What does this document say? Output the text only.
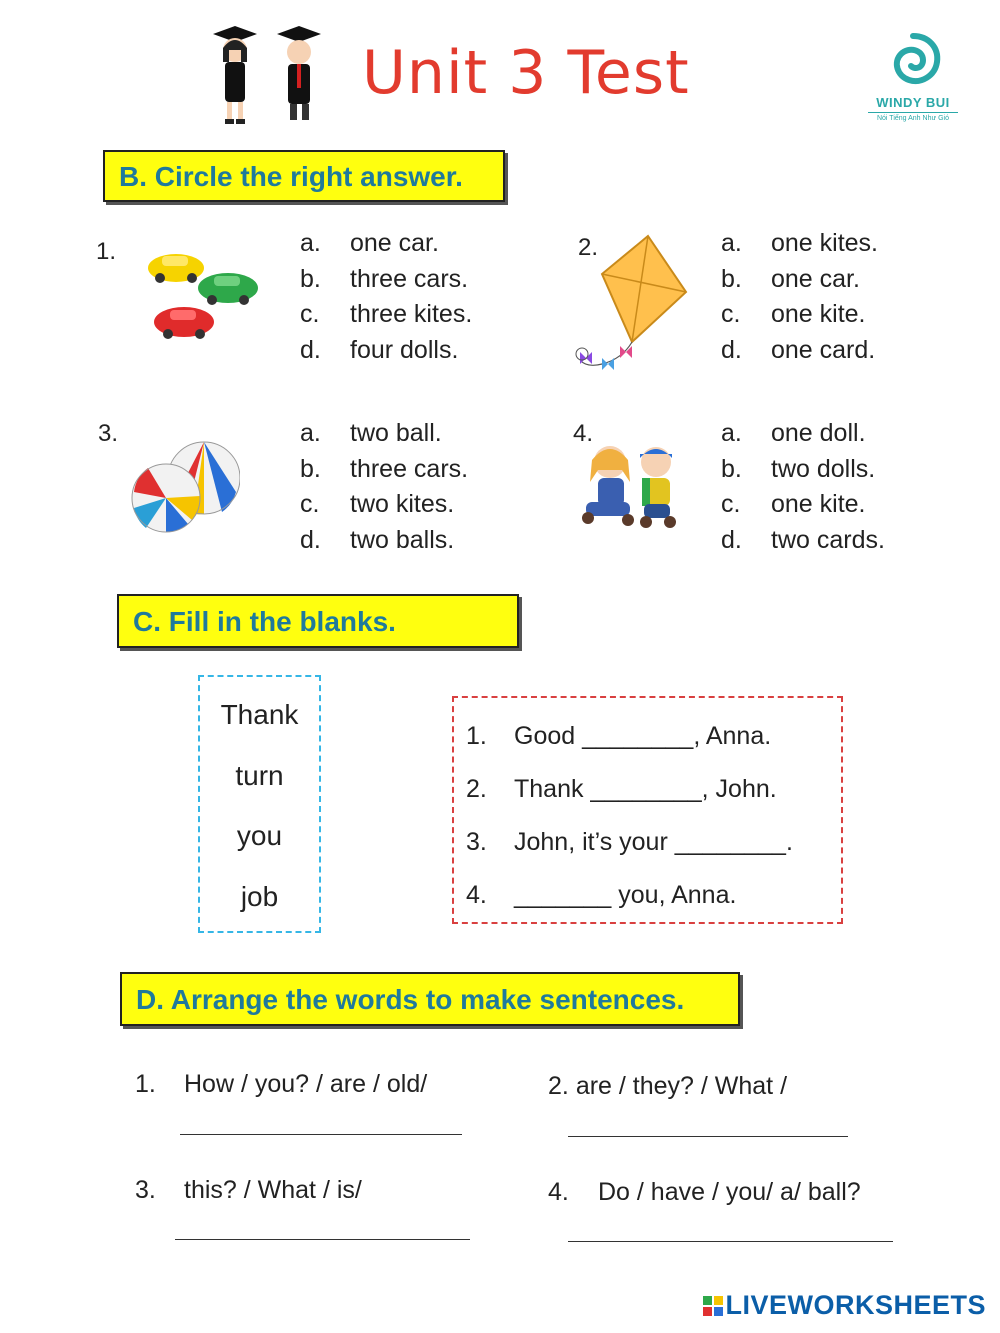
Unit 3 Test	WINDY BUI
Nói Tiếng Anh Như Gió
B. Circle the right answer.
1.	a. one car.
b. three cars.
c. three kites.
d. four dolls.
2.	a. one kites.
b. one car.
c. one kite.
d. one card.
3.	a. two ball.
b. three cars.
c. two kites.
d. two balls.
4.	a. one doll.
b. two dolls.
c. one kite.
d. two cards.
C. Fill in the blanks.
Thank
turn
you
job
1. Good ________, Anna.
2. Thank ________, John.
3. John, it’s your ________.
4. _______ you, Anna.
D. Arrange the words to make sentences.
1. How / you? / are / old/	2. are / they? / What /
3. this? / What / is/	4. Do / have / you/ a/ ball?
LIVEWORKSHEETS
